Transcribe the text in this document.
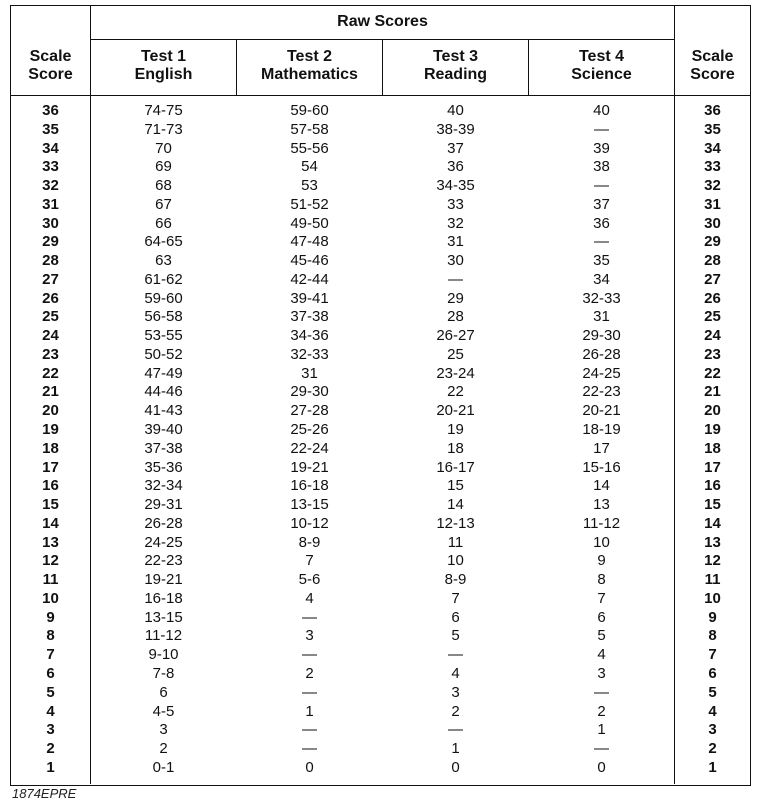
Raw Scores
Scale
Score
Test 1
English
Test 2
Mathematics
Test 3
Reading
Test 4
Science
Scale
Score
36
35
34
33
32
31
30
29
28
27
26
25
24
23
22
21
20
19
18
17
16
15
14
13
12
11
10
9
8
7
6
5
4
3
2
1
74-75
71-73
70
69
68
67
66
64-65
63
61-62
59-60
56-58
53-55
50-52
47-49
44-46
41-43
39-40
37-38
35-36
32-34
29-31
26-28
24-25
22-23
19-21
16-18
13-15
11-12
9-10
7-8
6
4-5
3
2
0-1
59-60
57-58
55-56
54
53
51-52
49-50
47-48
45-46
42-44
39-41
37-38
34-36
32-33
31
29-30
27-28
25-26
22-24
19-21
16-18
13-15
10-12
8-9
7
5-6
4
—
3
—
2
—
1
—
—
0
40
38-39
37
36
34-35
33
32
31
30
—
29
28
26-27
25
23-24
22
20-21
19
18
16-17
15
14
12-13
11
10
8-9
7
6
5
—
4
3
2
—
1
0
40
—
39
38
—
37
36
—
35
34
32-33
31
29-30
26-28
24-25
22-23
20-21
18-19
17
15-16
14
13
11-12
10
9
8
7
6
5
4
3
—
2
1
—
0
36
35
34
33
32
31
30
29
28
27
26
25
24
23
22
21
20
19
18
17
16
15
14
13
12
11
10
9
8
7
6
5
4
3
2
1
1874EPRE
